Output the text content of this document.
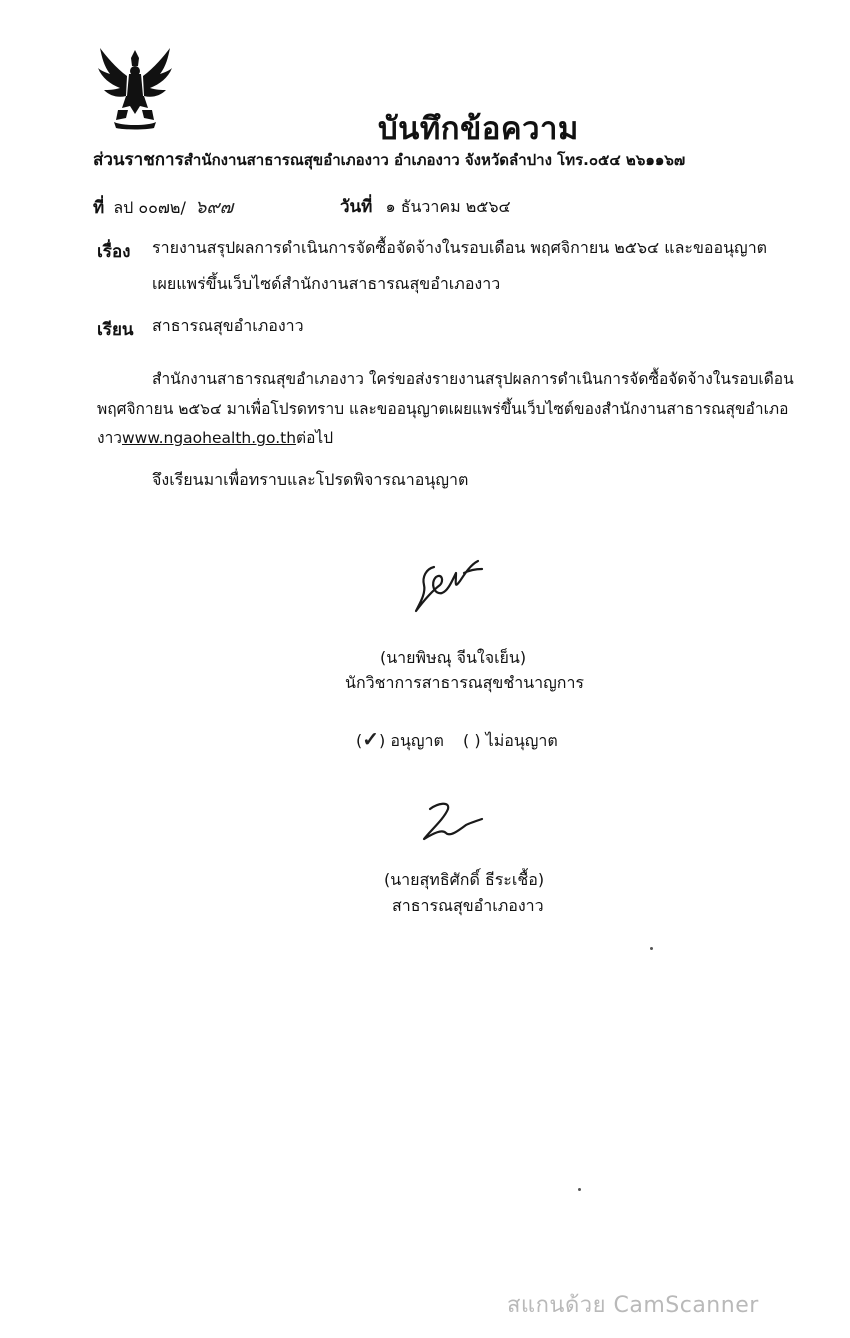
บันทึกข้อความ
ส่วนราชการสำนักงานสาธารณสุขอำเภองาว อำเภองาว จังหวัดลำปาง โทร.๐๕๔ ๒๖๑๑๖๗
ที่ ลป ๐๐๗๒/ ๖๙๗	วันที่ ๑ ธันวาคม ๒๕๖๔
เรื่อง รายงานสรุปผลการดำเนินการจัดซื้อจัดจ้างในรอบเดือน พฤศจิกายน ๒๕๖๔ และขออนุญาต
เผยแพร่ขึ้นเว็บไซด์สำนักงานสาธารณสุขอำเภองาว
เรียน สาธารณสุขอำเภองาว
สำนักงานสาธารณสุขอำเภองาว ใคร่ขอส่งรายงานสรุปผลการดำเนินการจัดซื้อจัดจ้างในรอบเดือน
พฤศจิกายน ๒๕๖๔ มาเพื่อโปรดทราบ และขออนุญาตเผยแพร่ขึ้นเว็บไซต์ของสำนักงานสาธารณสุขอำเภอ
งาวwww.ngaohealth.go.thต่อไป
จึงเรียนมาเพื่อทราบและโปรดพิจารณาอนุญาต
(นายพิษณุ จีนใจเย็น)
นักวิชาการสาธารณสุขชำนาญการ
(✓) อนุญาต ( ) ไม่อนุญาต
(นายสุทธิศักดิ์ ธีระเชื้อ)
สาธารณสุขอำเภองาว
สแกนด้วย CamScanner
